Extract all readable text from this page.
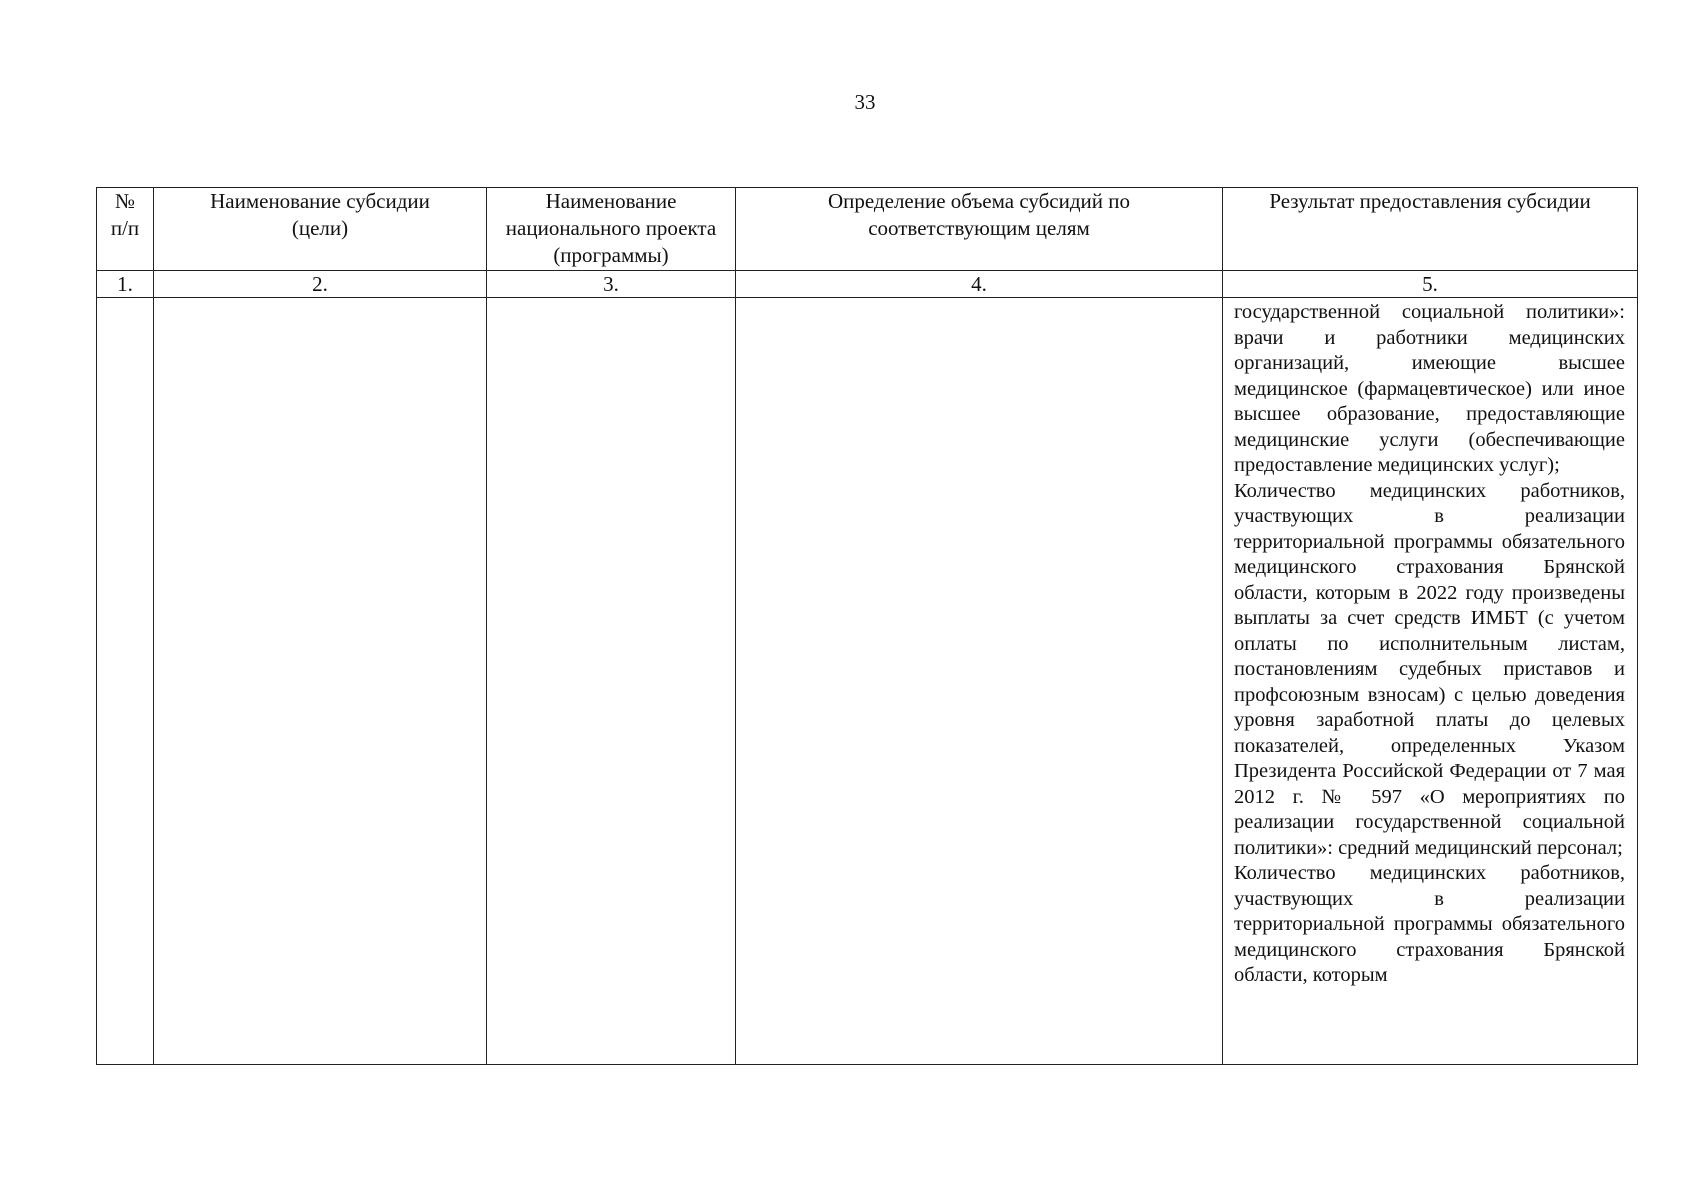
33
№ п/п	Наименование субсидии (цели)	Наименование национального проекта (программы)	Определение объема субсидий по соответствующим целям	Результат предоставления субсидии

1.	2.	3.	4.	5.

				государственной социальной политики»: врачи и работники медицинских организаций, имеющие высшее медицинское (фармацевтическое) или иное высшее образование, предоставляющие медицинские услуги (обеспечивающие предоставление медицинских услуг);

Количество медицинских работников, участвующих в реализации территориальной программы обязательного медицинского страхования Брянской области, которым в 2022 году произведены выплаты за счет средств ИМБТ (с учетом оплаты по исполнительным листам, постановлениям судебных приставов и профсоюзным взносам) с целью доведения уровня заработной платы до целевых показателей, определенных Указом Президента Российской Федерации от 7 мая 2012 г. № 597 «О мероприятиях по реализации государственной социальной политики»: средний медицинский персонал;

Количество медицинских работников, участвующих в реализации территориальной программы обязательного медицинского страхования Брянской области, которым
